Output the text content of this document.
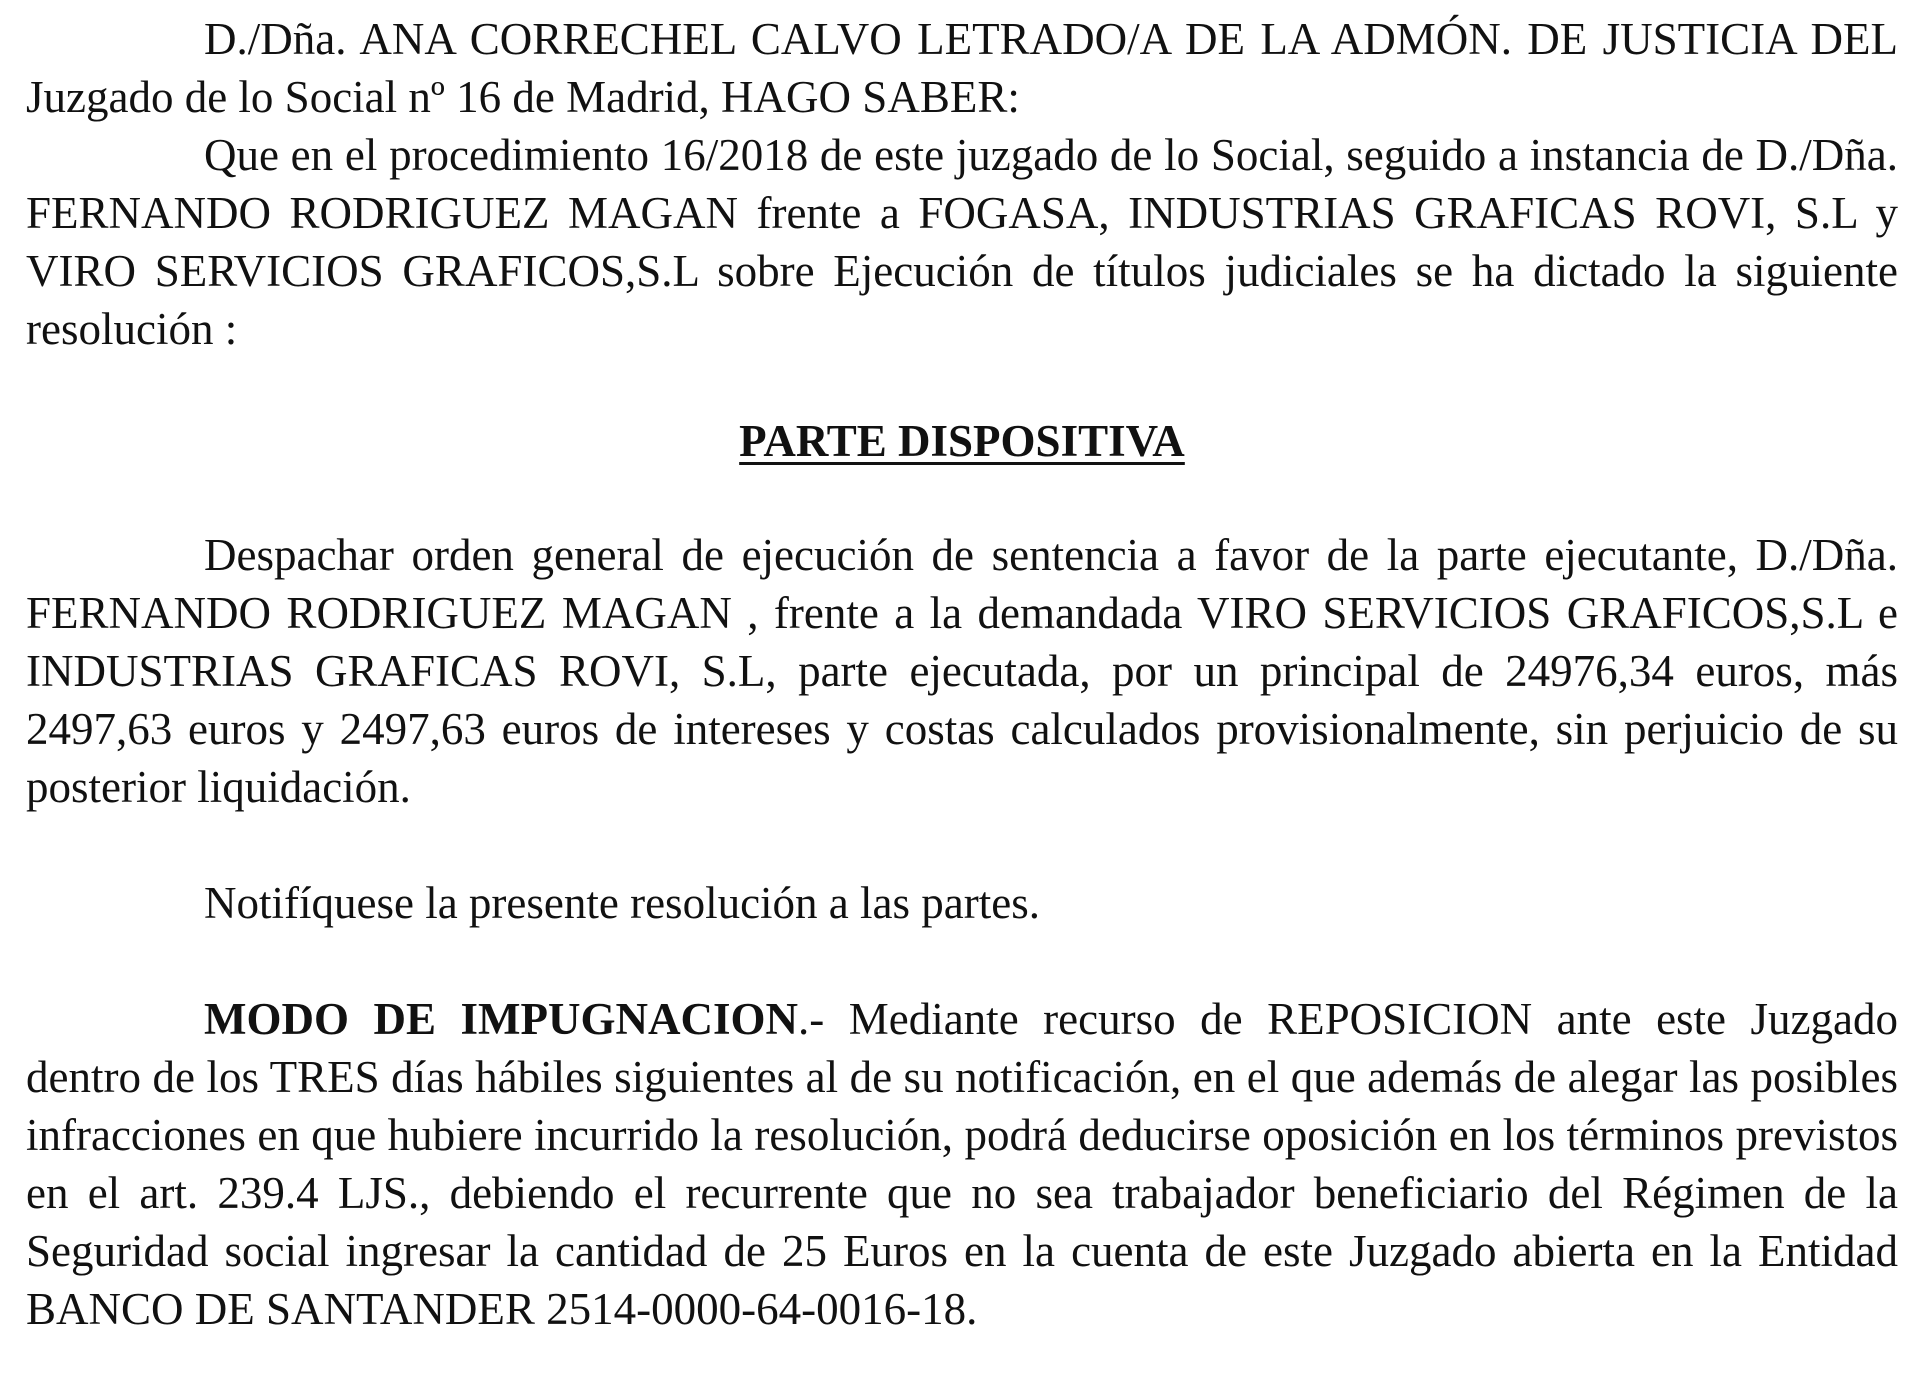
D./Dña. ANA CORRECHEL CALVO LETRADO/A DE LA ADMÓN. DE JUSTICIA DEL Juzgado de lo Social nº 16 de Madrid, HAGO SABER:

Que en el procedimiento 16/2018 de este juzgado de lo Social, seguido a instancia de D./Dña. FERNANDO RODRIGUEZ MAGAN frente a FOGASA, INDUSTRIAS GRAFICAS ROVI, S.L y VIRO SERVICIOS GRAFICOS,S.L sobre Ejecución de títulos judiciales se ha dictado la siguiente resolución :

PARTE DISPOSITIVA

Despachar orden general de ejecución de sentencia a favor de la parte ejecutante, D./Dña. FERNANDO RODRIGUEZ MAGAN , frente a la demandada VIRO SERVICIOS GRAFICOS,S.L e INDUSTRIAS GRAFICAS ROVI, S.L, parte ejecutada, por un principal de 24976,34 euros, más 2497,63 euros y 2497,63 euros de intereses y costas calculados provisionalmente, sin perjuicio de su posterior liquidación.

Notifíquese la presente resolución a las partes.

MODO DE IMPUGNACION.- Mediante recurso de REPOSICION ante este Juzgado dentro de los TRES días hábiles siguientes al de su notificación, en el que además de alegar las posibles infracciones en que hubiere incurrido la resolución, podrá deducirse oposición en los términos previstos en el art. 239.4 LJS., debiendo el recurrente que no sea trabajador beneficiario del Régimen de la Seguridad social ingresar la cantidad de 25 Euros en la cuenta de este Juzgado abierta en la Entidad BANCO DE SANTANDER 2514-0000-64-0016-18.
